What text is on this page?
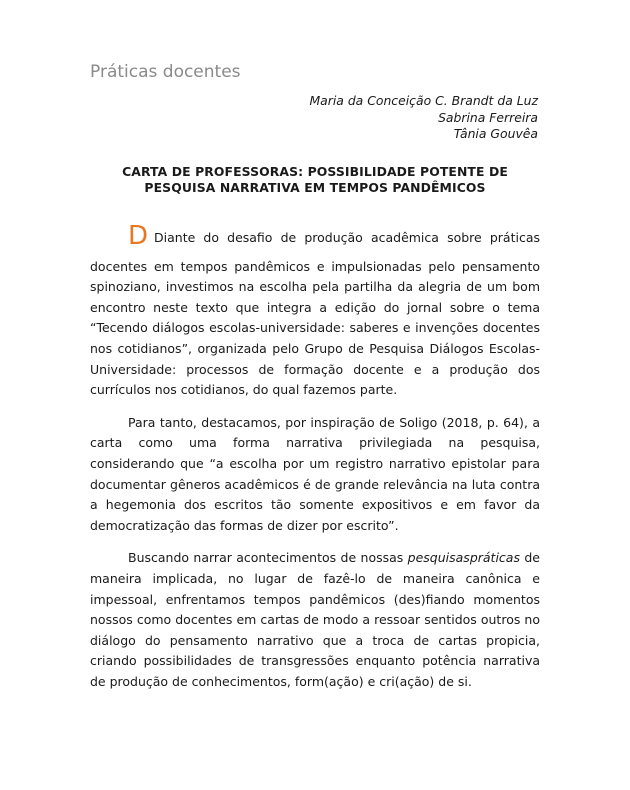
Práticas docentes
Maria da Conceição C. Brandt da Luz
Sabrina Ferreira
Tânia Gouvêa
CARTA DE PROFESSORAS: POSSIBILIDADE POTENTE DE
PESQUISA NARRATIVA EM TEMPOS PANDÊMICOS

D Diante do desafio de produção acadêmica sobre práticas
docentes em tempos pandêmicos e impulsionadas pelo pensamento spinoziano, investimos na escolha pela partilha da alegria de um bom encontro neste texto que integra a edição do jornal sobre o tema “Tecendo diálogos escolas-universidade: saberes e invenções docentes nos cotidianos”, organizada pelo Grupo de Pesquisa Diálogos Escolas-Universidade: processos de formação docente e a produção dos currículos nos cotidianos, do qual fazemos parte.

Para tanto, destacamos, por inspiração de Soligo (2018, p. 64), a carta como uma forma narrativa privilegiada na pesquisa, considerando que “a escolha por um registro narrativo epistolar para documentar gêneros acadêmicos é de grande relevância na luta contra a hegemonia dos escritos tão somente expositivos e em favor da democratização das formas de dizer por escrito”.

Buscando narrar acontecimentos de nossas pesquisaspráticas de maneira implicada, no lugar de fazê-lo de maneira canônica e impessoal, enfrentamos tempos pandêmicos (des)fiando momentos nossos como docentes em cartas de modo a ressoar sentidos outros no diálogo do pensamento narrativo que a troca de cartas propicia, criando possibilidades de transgressões enquanto potência narrativa de produção de conhecimentos, form(ação) e cri(ação) de si.
